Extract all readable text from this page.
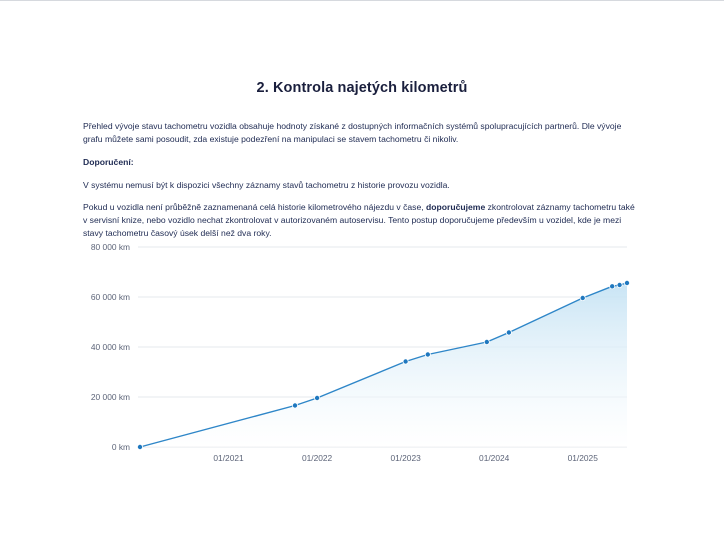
2. Kontrola najetých kilometrů

Přehled vývoje stavu tachometru vozidla obsahuje hodnoty získané z dostupných informačních systémů spolupracujících partnerů. Dle vývoje grafu můžete sami posoudit, zda existuje podezření na manipulaci se stavem tachometru či nikoliv.

Doporučení:

V systému nemusí být k dispozici všechny záznamy stavů tachometru z historie provozu vozidla.

Pokud u vozidla není průběžně zaznamenaná celá historie kilometrového nájezdu v čase, doporučujeme zkontrolovat záznamy tachometru také v servisní knize, nebo vozidlo nechat zkontrolovat v autorizovaném autoservisu. Tento postup doporučujeme především u vozidel, kde je mezi stavy tachometru časový úsek delší než dva roky.

0 km
20 000 km
40 000 km
60 000 km
80 000 km
01/2021	01/2022	01/2023	01/2024	01/2025
